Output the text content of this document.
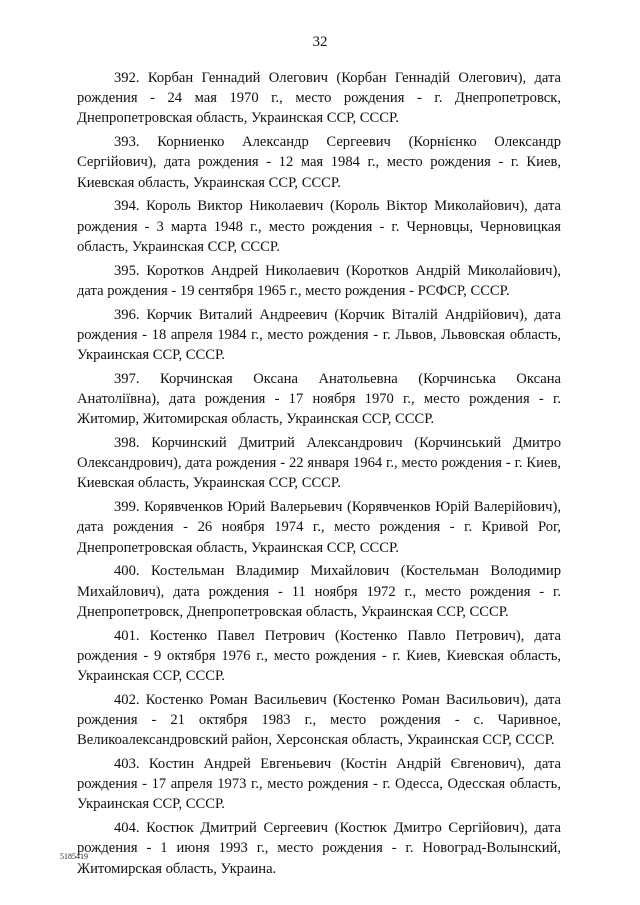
32

392. Корбан Геннадий Олегович (Корбан Геннадій Олегович), дата рождения - 24 мая 1970 г., место рождения - г. Днепропетровск, Днепропетровская область, Украинская ССР, СССР.

393. Корниенко Александр Сергеевич (Корнієнко Олександр Сергійович), дата рождения - 12 мая 1984 г., место рождения - г. Киев, Киевская область, Украинская ССР, СССР.

394. Король Виктор Николаевич (Король Віктор Миколайович), дата рождения - 3 марта 1948 г., место рождения - г. Черновцы, Черновицкая область, Украинская ССР, СССР.

395. Коротков Андрей Николаевич (Коротков Андрій Миколайович), дата рождения - 19 сентября 1965 г., место рождения - РСФСР, СССР.

396. Корчик Виталий Андреевич (Корчик Віталій Андрійович), дата рождения - 18 апреля 1984 г., место рождения - г. Львов, Львовская область, Украинская ССР, СССР.

397. Корчинская Оксана Анатольевна (Корчинська Оксана Анатоліївна), дата рождения - 17 ноября 1970 г., место рождения - г. Житомир, Житомирская область, Украинская ССР, СССР.

398. Корчинский Дмитрий Александрович (Корчинський Дмитро Олександрович), дата рождения - 22 января 1964 г., место рождения - г. Киев, Киевская область, Украинская ССР, СССР.

399. Корявченков Юрий Валерьевич (Корявченков Юрій Валерійович), дата рождения - 26 ноября 1974 г., место рождения - г. Кривой Рог, Днепропетровская область, Украинская ССР, СССР.

400. Костельман Владимир Михайлович (Костельман Володимир Михайлович), дата рождения - 11 ноября 1972 г., место рождения - г. Днепропетровск, Днепропетровская область, Украинская ССР, СССР.

401. Костенко Павел Петрович (Костенко Павло Петрович), дата рождения - 9 октября 1976 г., место рождения - г. Киев, Киевская область, Украинская ССР, СССР.

402. Костенко Роман Васильевич (Костенко Роман Васильович), дата рождения - 21 октября 1983 г., место рождения - с. Чаривное, Великоалександровский район, Херсонская область, Украинская ССР, СССР.

403. Костин Андрей Евгеньевич (Костін Андрій Євгенович), дата рождения - 17 апреля 1973 г., место рождения - г. Одесса, Одесская область, Украинская ССР, СССР.

404. Костюк Дмитрий Сергеевич (Костюк Дмитро Сергійович), дата рождения - 1 июня 1993 г., место рождения - г. Новоград-Волынский, Житомирская область, Украина.

5185419
